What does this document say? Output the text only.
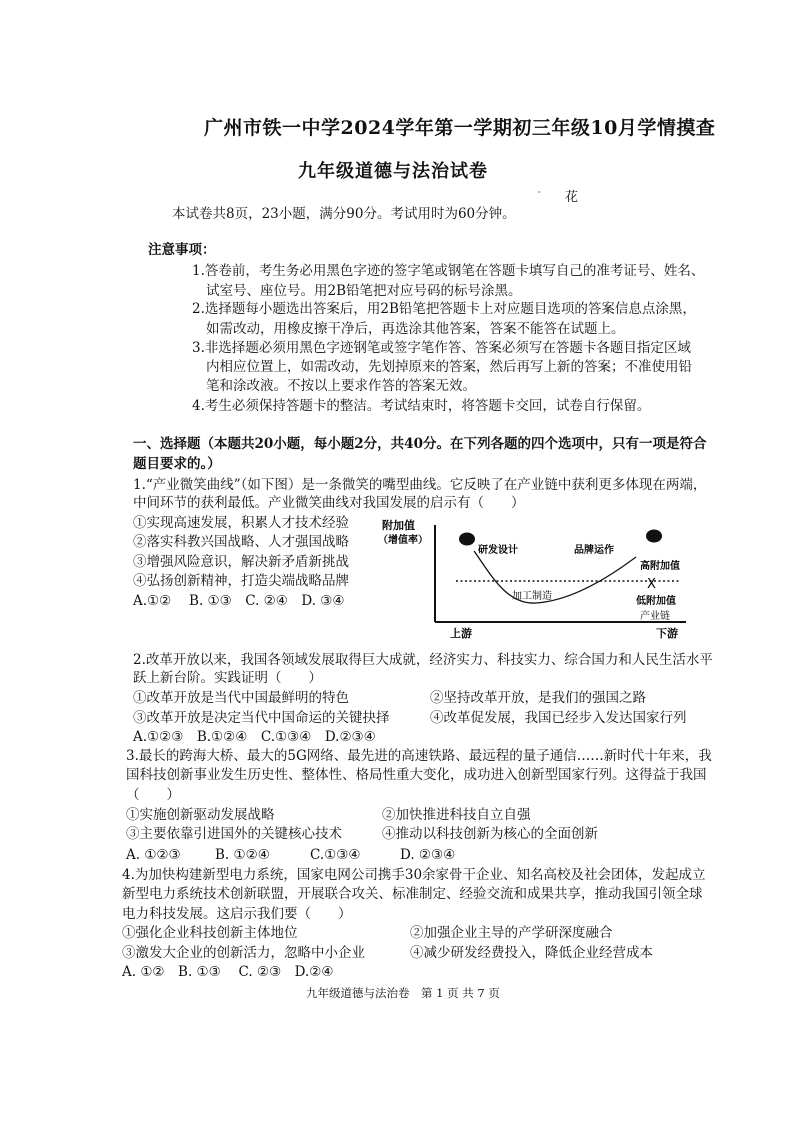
广州市铁一中学2024学年第一学期初三年级10月学情摸查
九年级道德与法治试卷
⸳ 花
本试卷共8页，23小题，满分90分。考试用时为60分钟。
注意事项：
1.答卷前，考生务必用黑色字迹的签字笔或钢笔在答题卡填写自己的准考证号、姓名、
试室号、座位号。用2B铅笔把对应号码的标号涂黑。
2.选择题每小题选出答案后，用2B铅笔把答题卡上对应题目选项的答案信息点涂黑，
如需改动，用橡皮擦干净后，再选涂其他答案，答案不能答在试题上。
3.非选择题必须用黑色字迹钢笔或签字笔作答、答案必须写在答题卡各题目指定区域
内相应位置上，如需改动，先划掉原来的答案，然后再写上新的答案；不准使用铅
笔和涂改液。不按以上要求作答的答案无效。
4.考生必须保持答题卡的整洁。考试结束时，将答题卡交回，试卷自行保留。
一、选择题（本题共20小题，每小题2分，共40分。在下列各题的四个选项中，只有一项是符合
题目要求的。）
1.“产业微笑曲线”（如下图）是一条微笑的嘴型曲线。它反映了在产业链中获利更多体现在两端，
中间环节的获利最低。产业微笑曲线对我国发展的启示有（　　）
①实现高速发展，积累人才技术经验
②落实科教兴国战略、人才强国战略
③增强风险意识，解决新矛盾新挑战
④弘扬创新精神，打造尖端战略品牌
A.①②　 B. ①③　C. ②④　D. ③④
附加值
（增值率）
产业链
上游	下游
研发设计	品牌运作
加工制造
高附加值
低附加值
X
2.改革开放以来，我国各领域发展取得巨大成就，经济实力、科技实力、综合国力和人民生活水平
跃上新台阶。实践证明（　　）
①改革开放是当代中国最鲜明的特色	②坚持改革开放，是我们的强国之路
③改革开放是决定当代中国命运的关键抉择	④改革促发展，我国已经步入发达国家行列
A.①②③　B.①②④　C.①③④　D.②③④
3.最长的跨海大桥、最大的5G网络、最先进的高速铁路、最远程的量子通信……新时代十年来，我
国科技创新事业发生历史性、整体性、格局性重大变化，成功进入创新型国家行列。这得益于我国
（　　）
①实施创新驱动发展战略	②加快推进科技自立自强
③主要依靠引进国外的关键核心技术	④推动以科技创新为核心的全面创新
A. ①②③	B. ①②④	C.①③④	D. ②③④
4.为加快构建新型电力系统，国家电网公司携手30余家骨干企业、知名高校及社会团体，发起成立
新型电力系统技术创新联盟，开展联合攻关、标准制定、经验交流和成果共享，推动我国引领全球
电力科技发展。这启示我们要（　　）
①强化企业科技创新主体地位	②加强企业主导的产学研深度融合
③激发大企业的创新活力，忽略中小企业	④减少研发经费投入，降低企业经营成本
A. ①②　B. ①③　 C. ②③　D.②④
九年级道德与法治卷　第 1 页 共 7 页
